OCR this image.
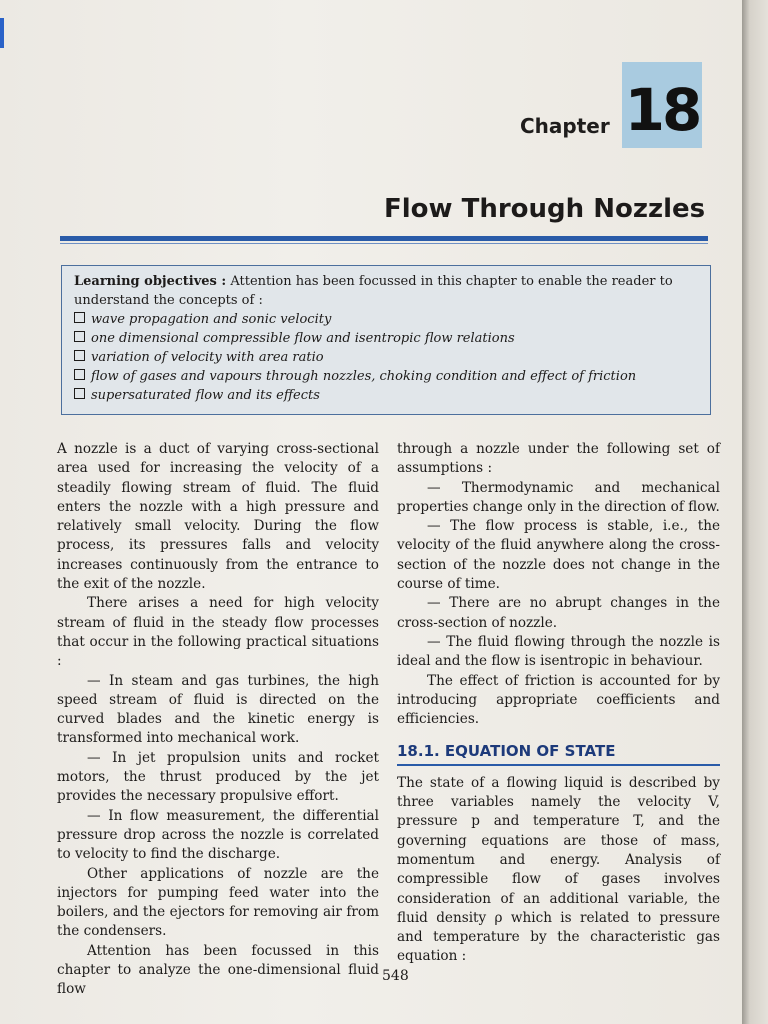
Chapter 18
Flow Through Nozzles

Learning objectives : Attention has been focussed in this chapter to enable the reader to understand the concepts of :

wave propagation and sonic velocity
one dimensional compressible flow and isentropic flow relations
variation of velocity with area ratio
flow of gases and vapours through nozzles, choking condition and effect of friction
supersaturated flow and its effects

A nozzle is a duct of varying cross-sectional area used for increasing the velocity of a steadily flowing stream of fluid. The fluid enters the nozzle with a high pressure and relatively small velocity. During the flow process, its pressures falls and velocity increases continuously from the entrance to the exit of the nozzle.

There arises a need for high velocity stream of fluid in the steady flow processes that occur in the following practical situations :

— In steam and gas turbines, the high speed stream of fluid is directed on the curved blades and the kinetic energy is transformed into mechanical work.

— In jet propulsion units and rocket motors, the thrust produced by the jet provides the necessary propulsive effort.

— In flow measurement, the differential pressure drop across the nozzle is correlated to velocity to find the discharge.

Other applications of nozzle are the injectors for pumping feed water into the boilers, and the ejectors for removing air from the condensers.

Attention has been focussed in this chapter to analyze the one-dimensional fluid flow

through a nozzle under the following set of assumptions :

— Thermodynamic and mechanical properties change only in the direction of flow.

— The flow process is stable, i.e., the velocity of the fluid anywhere along the cross-section of the nozzle does not change in the course of time.

— There are no abrupt changes in the cross-section of nozzle.

— The fluid flowing through the nozzle is ideal and the flow is isentropic in behaviour.

The effect of friction is accounted for by introducing appropriate coefficients and efficiencies.

18.1. EQUATION OF STATE

The state of a flowing liquid is described by three variables namely the velocity V, pressure p and temperature T, and the governing equations are those of mass, momentum and energy. Analysis of compressible flow of gases involves consideration of an additional variable, the fluid density ρ which is related to pressure and temperature by the characteristic gas equation :

548
